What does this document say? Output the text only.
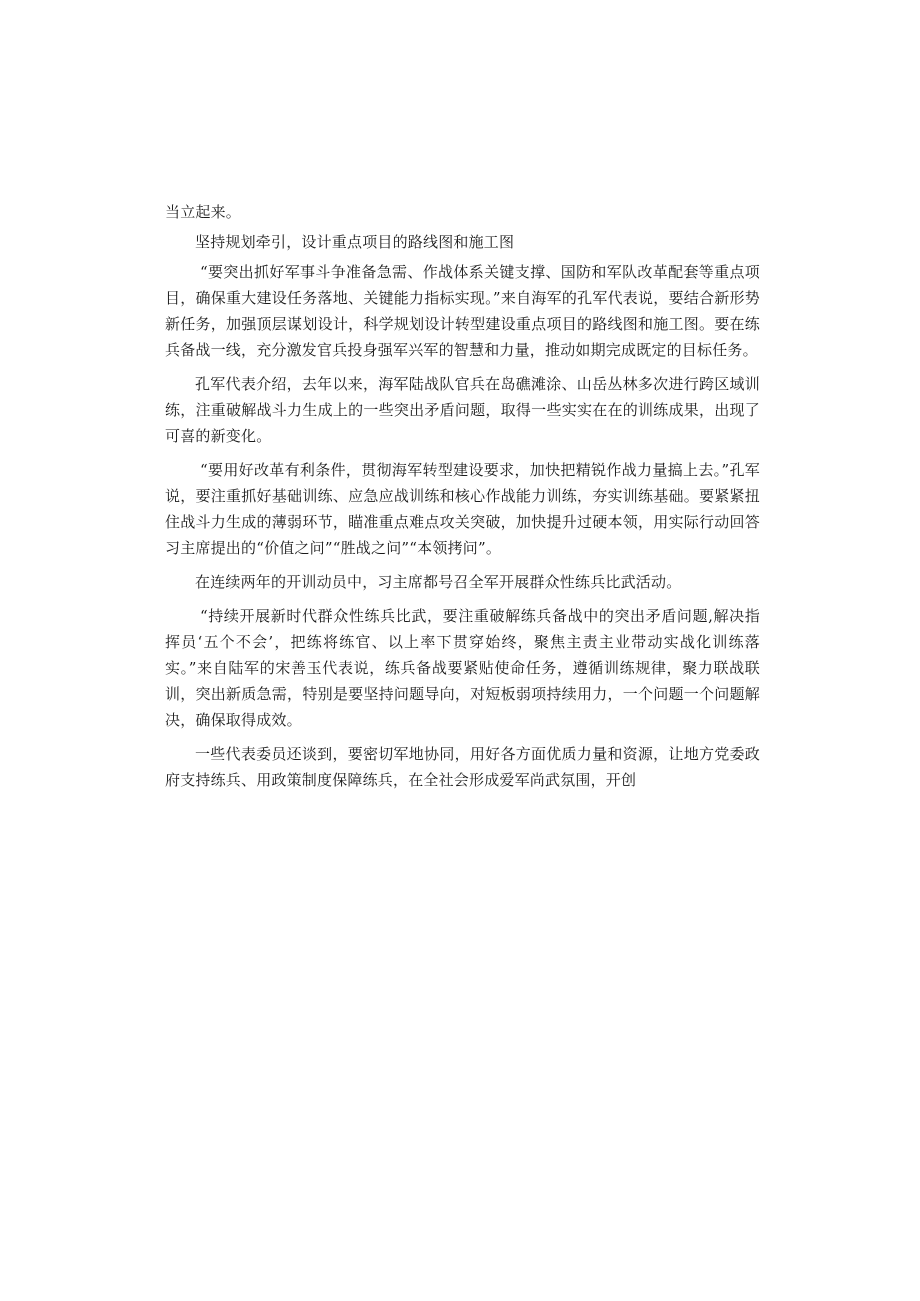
当立起来。

坚持规划牵引，设计重点项目的路线图和施工图

“要突出抓好军事斗争准备急需、作战体系关键支撑、国防和军队改革配套等重点项目，确保重大建设任务落地、关键能力指标实现。”来自海军的孔军代表说，要结合新形势新任务，加强顶层谋划设计，科学规划设计转型建设重点项目的路线图和施工图。要在练兵备战一线，充分激发官兵投身强军兴军的智慧和力量，推动如期完成既定的目标任务。

孔军代表介绍，去年以来，海军陆战队官兵在岛礁滩涂、山岳丛林多次进行跨区域训练，注重破解战斗力生成上的一些突出矛盾问题，取得一些实实在在的训练成果，出现了可喜的新变化。

“要用好改革有利条件，贯彻海军转型建设要求，加快把精锐作战力量搞上去。”孔军说，要注重抓好基础训练、应急应战训练和核心作战能力训练，夯实训练基础。要紧紧扭住战斗力生成的薄弱环节，瞄准重点难点攻关突破，加快提升过硬本领，用实际行动回答习主席提出的“价值之问”“胜战之问”“本领拷问”。

在连续两年的开训动员中，习主席都号召全军开展群众性练兵比武活动。

“持续开展新时代群众性练兵比武，要注重破解练兵备战中的突出矛盾问题,解决指挥员‘五个不会’，把练将练官、以上率下贯穿始终，聚焦主责主业带动实战化训练落实。”来自陆军的宋善玉代表说，练兵备战要紧贴使命任务，遵循训练规律，聚力联战联训，突出新质急需，特别是要坚持问题导向，对短板弱项持续用力，一个问题一个问题解决，确保取得成效。

一些代表委员还谈到，要密切军地协同，用好各方面优质力量和资源，让地方党委政府支持练兵、用政策制度保障练兵，在全社会形成爱军尚武氛围，开创
